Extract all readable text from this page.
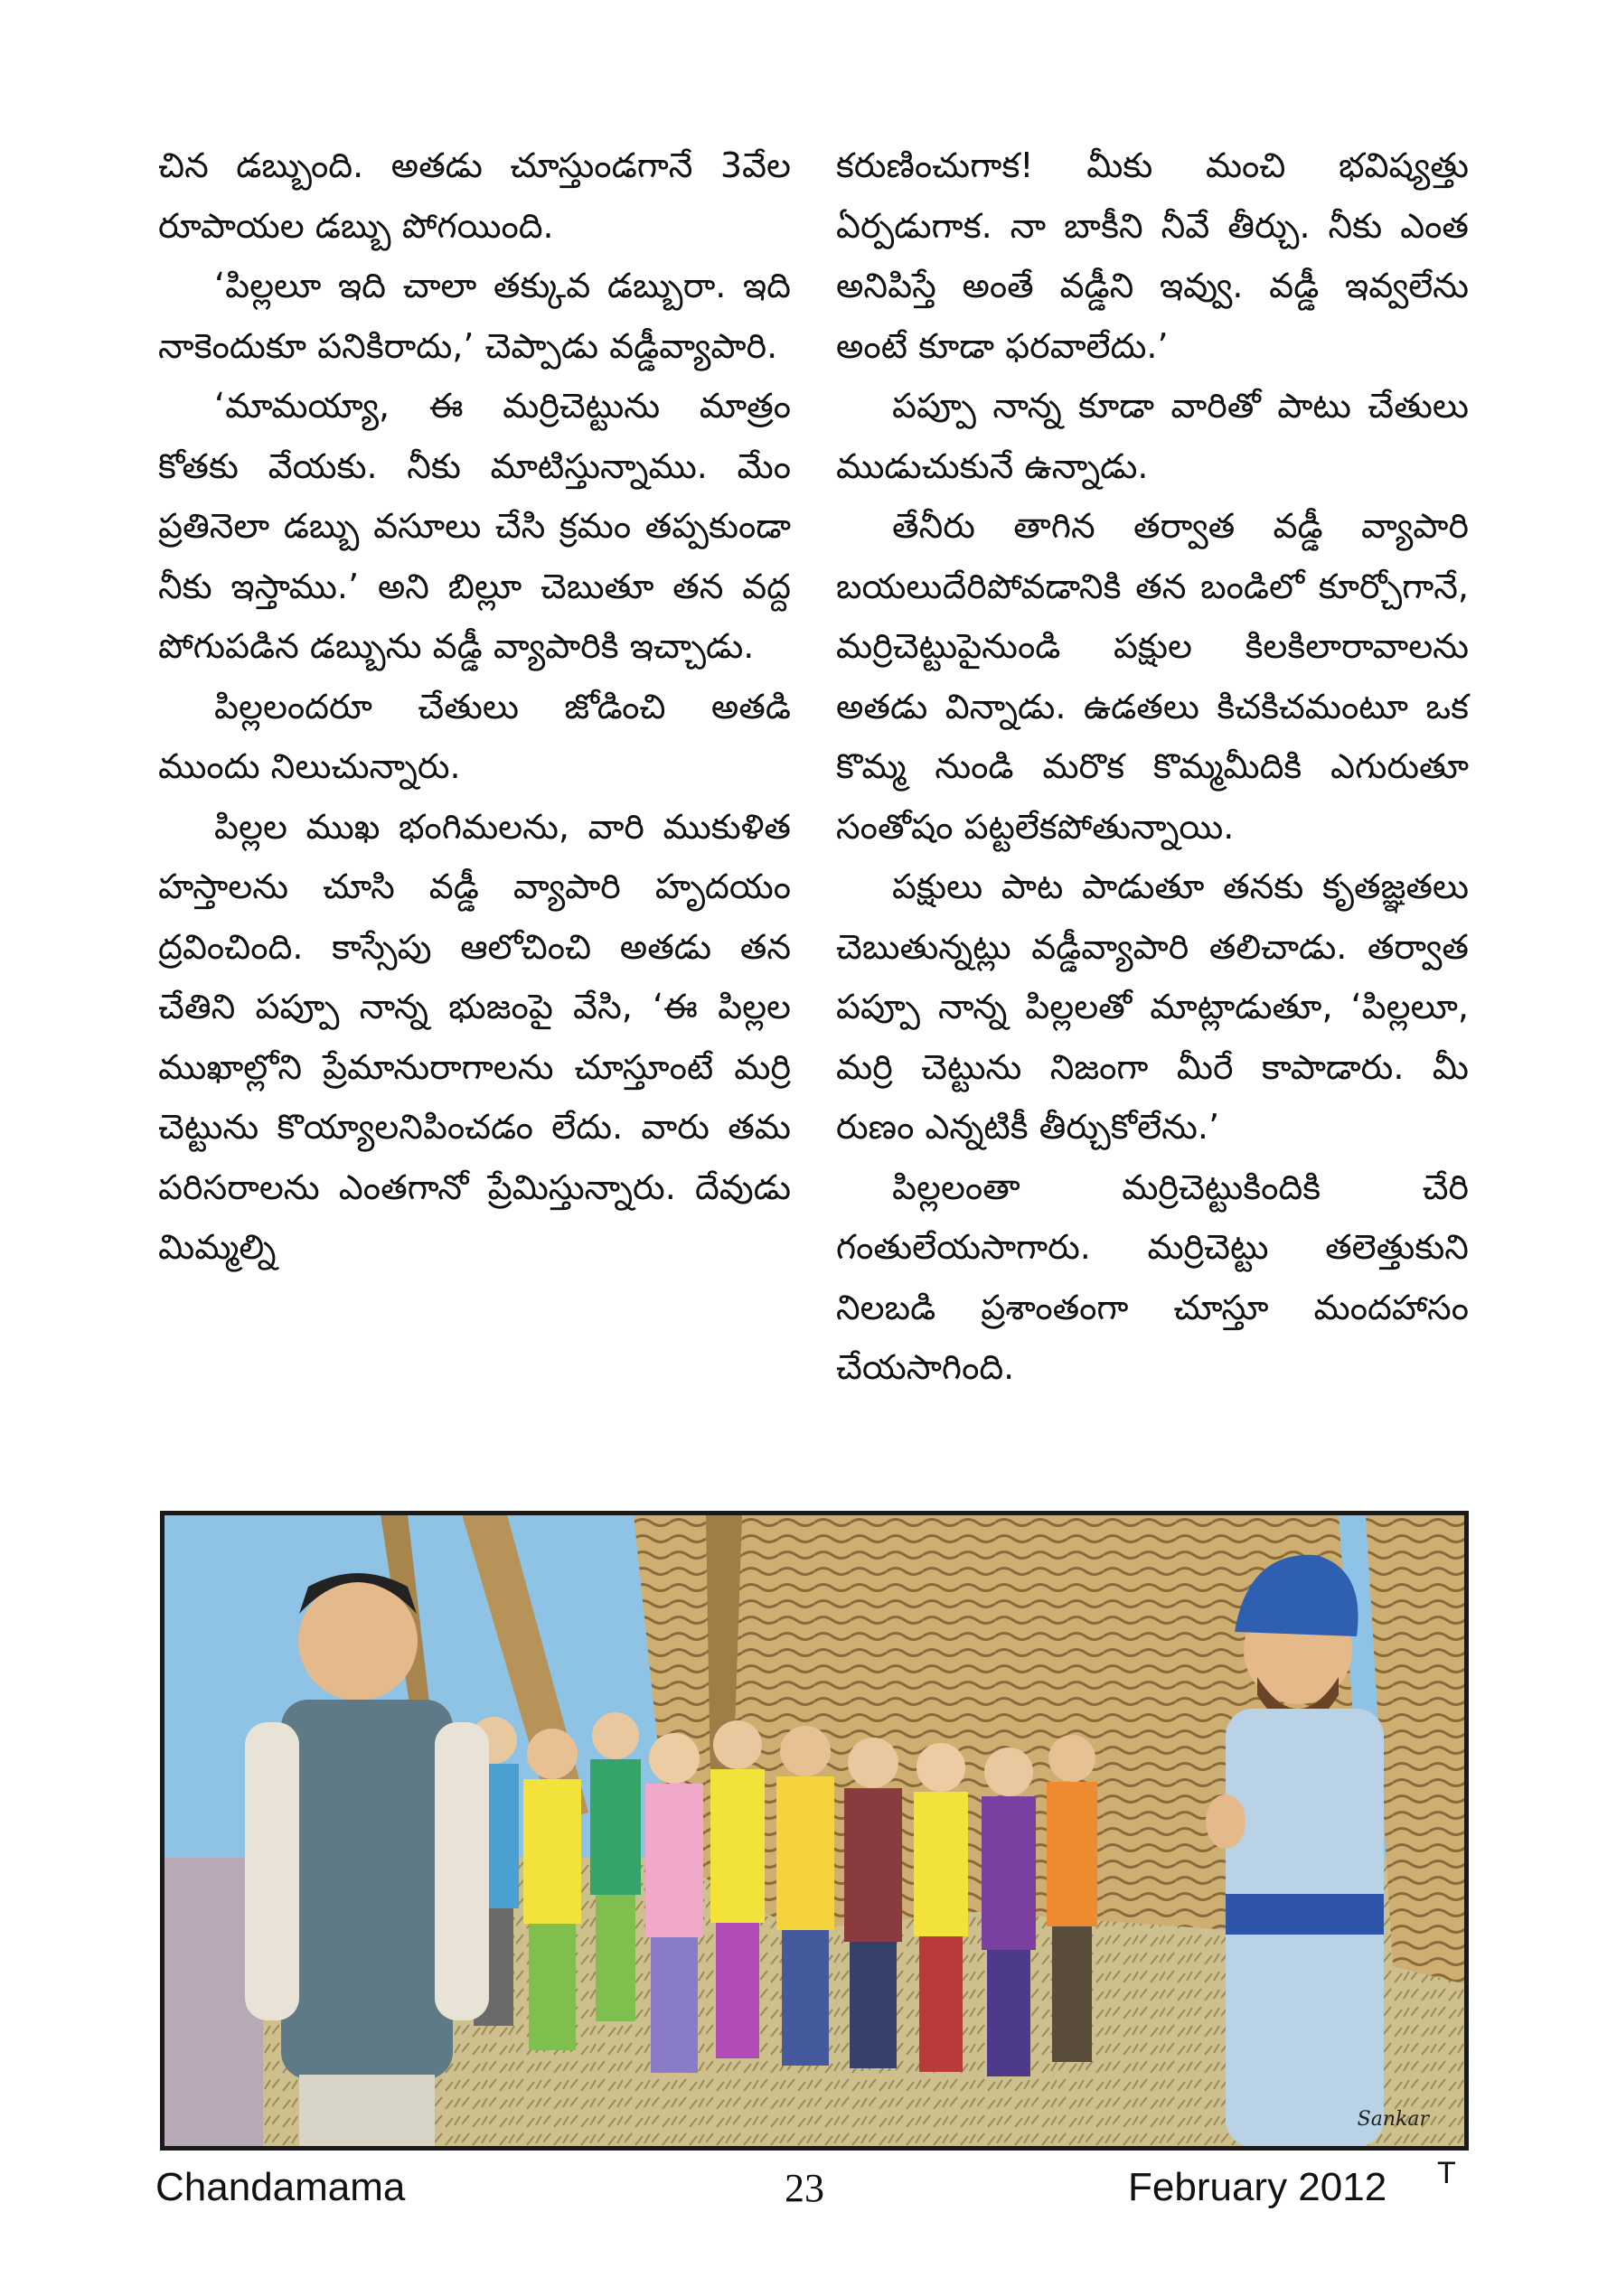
చిన డబ్బుంది. అతడు చూస్తుండగానే 3వేల రూపాయల డబ్బు పోగయింది.

‘పిల్లలూ ఇది చాలా తక్కువ డబ్బురా. ఇది నాకెందుకూ పనికిరాదు,’ చెప్పాడు వడ్డీవ్యాపారి.

‘మామయ్యా, ఈ మర్రిచెట్టును మాత్రం కోతకు వేయకు. నీకు మాటిస్తున్నాము. మేం ప్రతినెలా డబ్బు వసూలు చేసి క్రమం తప్పకుండా నీకు ఇస్తాము.’ అని బిల్లూ చెబుతూ తన వద్ద పోగుపడిన డబ్బును వడ్డీ వ్యాపారికి ఇచ్చాడు.

పిల్లలందరూ చేతులు జోడించి అతడి ముందు నిలుచున్నారు.

పిల్లల ముఖ భంగిమలను, వారి ముకుళిత హస్తాలను చూసి వడ్డీ వ్యాపారి హృదయం ద్రవించింది. కాస్సేపు ఆలోచించి అతడు తన చేతిని పప్పూ నాన్న భుజంపై వేసి, ‘ఈ పిల్లల ముఖాల్లోని ప్రేమానురాగాలను చూస్తూంటే మర్రి చెట్టును కొయ్యాలనిపించడం లేదు. వారు తమ పరిసరాలను ఎంతగానో ప్రేమిస్తున్నారు. దేవుడు మిమ్మల్ని

కరుణించుగాక! మీకు మంచి భవిష్యత్తు ఏర్పడుగాక. నా బాకీని నీవే తీర్చు. నీకు ఎంత అనిపిస్తే అంతే వడ్డీని ఇవ్వు. వడ్డీ ఇవ్వలేను అంటే కూడా ఫరవాలేదు.’

పప్పూ నాన్న కూడా వారితో పాటు చేతులు ముడుచుకునే ఉన్నాడు.

తేనీరు తాగిన తర్వాత వడ్డీ వ్యాపారి బయలుదేరిపోవడానికి తన బండిలో కూర్చోగానే, మర్రిచెట్టుపైనుండి పక్షుల కిలకిలారావాలను అతడు విన్నాడు. ఉడతలు కిచకిచమంటూ ఒక కొమ్మ నుండి మరొక కొమ్మమీదికి ఎగురుతూ సంతోషం పట్టలేకపోతున్నాయి.

పక్షులు పాట పాడుతూ తనకు కృతజ్ఞతలు చెబుతున్నట్లు వడ్డీవ్యాపారి తలిచాడు. తర్వాత పప్పూ నాన్న పిల్లలతో మాట్లాడుతూ, ‘పిల్లలూ, మర్రి చెట్టును నిజంగా మీరే కాపాడారు. మీ రుణం ఎన్నటికీ తీర్చుకోలేను.’

పిల్లలంతా మర్రిచెట్టుకిందికి చేరి గంతులేయసాగారు. మర్రిచెట్టు తలెత్తుకుని నిలబడి ప్రశాంతంగా చూస్తూ మందహాసం చేయసాగింది.

Sankar
Chandamama	23	February 2012 T
